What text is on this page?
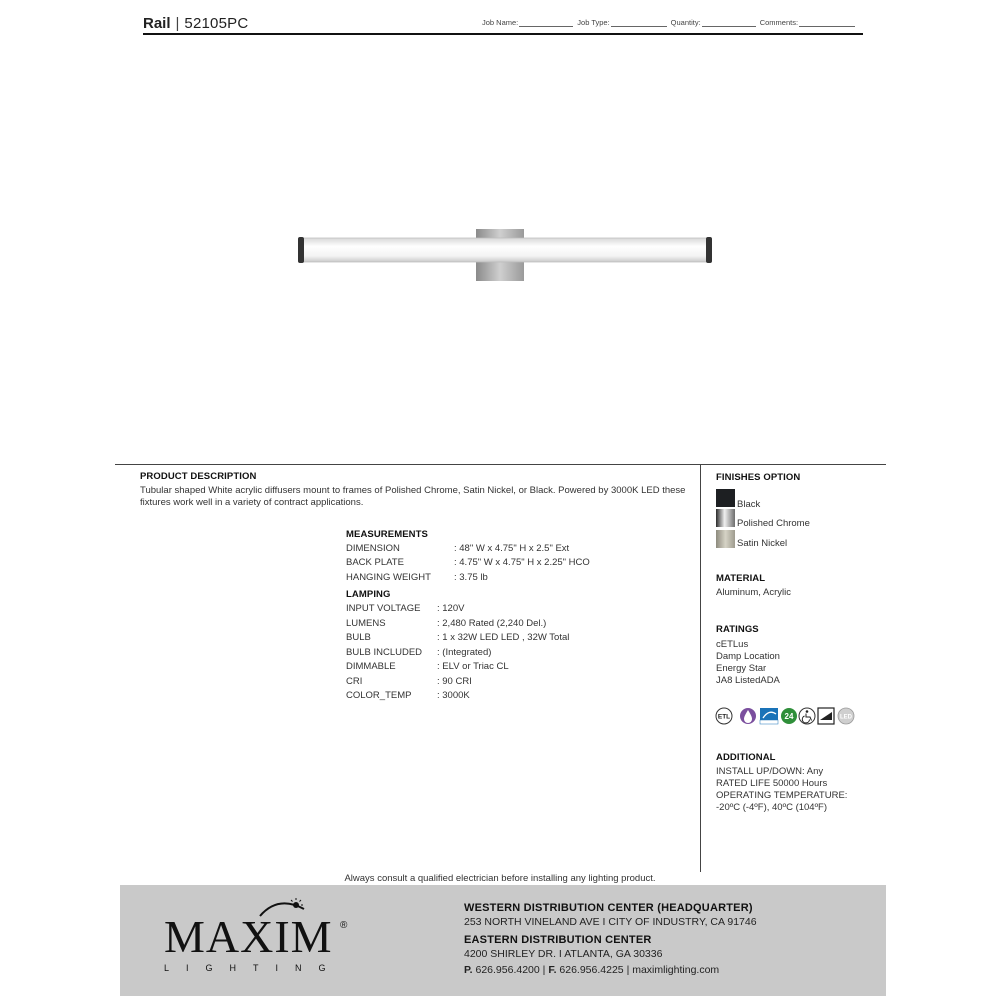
Rail | 52105PC	Job Name:	Job Type:	Quantity:	Comments:
PRODUCT DESCRIPTION
Tubular shaped White acrylic diffusers mount to frames of Polished Chrome, Satin Nickel, or Black. Powered by 3000K LED these fixtures work well in a variety of contract applications.
MEASUREMENTS
DIMENSION	: 48" W x 4.75" H x 2.5" Ext
BACK PLATE	: 4.75" W x 4.75" H x 2.25" HCO
HANGING WEIGHT : 3.75 lb
LAMPING
INPUT VOLTAGE : 120V
LUMENS	: 2,480 Rated (2,240 Del.)
BULB	: 1 x 32W LED LED , 32W Total
BULB INCLUDED : (Integrated)
DIMMABLE	: ELV or Triac CL
CRI	: 90 CRI
COLOR_TEMP	: 3000K
FINISHES OPTION
Black
Polished Chrome
Satin Nickel
MATERIAL
Aluminum, Acrylic
RATINGS
cETLus
Damp Location
Energy Star
JA8 ListedADA
ETL	24	LED
ADDITIONAL
INSTALL UP/DOWN: Any
RATED LIFE 50000 Hours
OPERATING TEMPERATURE:
-20ºC (-4ºF), 40ºC (104ºF)
Always consult a qualified electrician before installing any lighting product.
MAXIM ®
LIGHTING
WESTERN DISTRIBUTION CENTER (HEADQUARTER)
253 NORTH VINELAND AVE I CITY OF INDUSTRY, CA 91746
EASTERN DISTRIBUTION CENTER
4200 SHIRLEY DR. I ATLANTA, GA 30336
P. 626.956.4200 | F. 626.956.4225 | maximlighting.com
